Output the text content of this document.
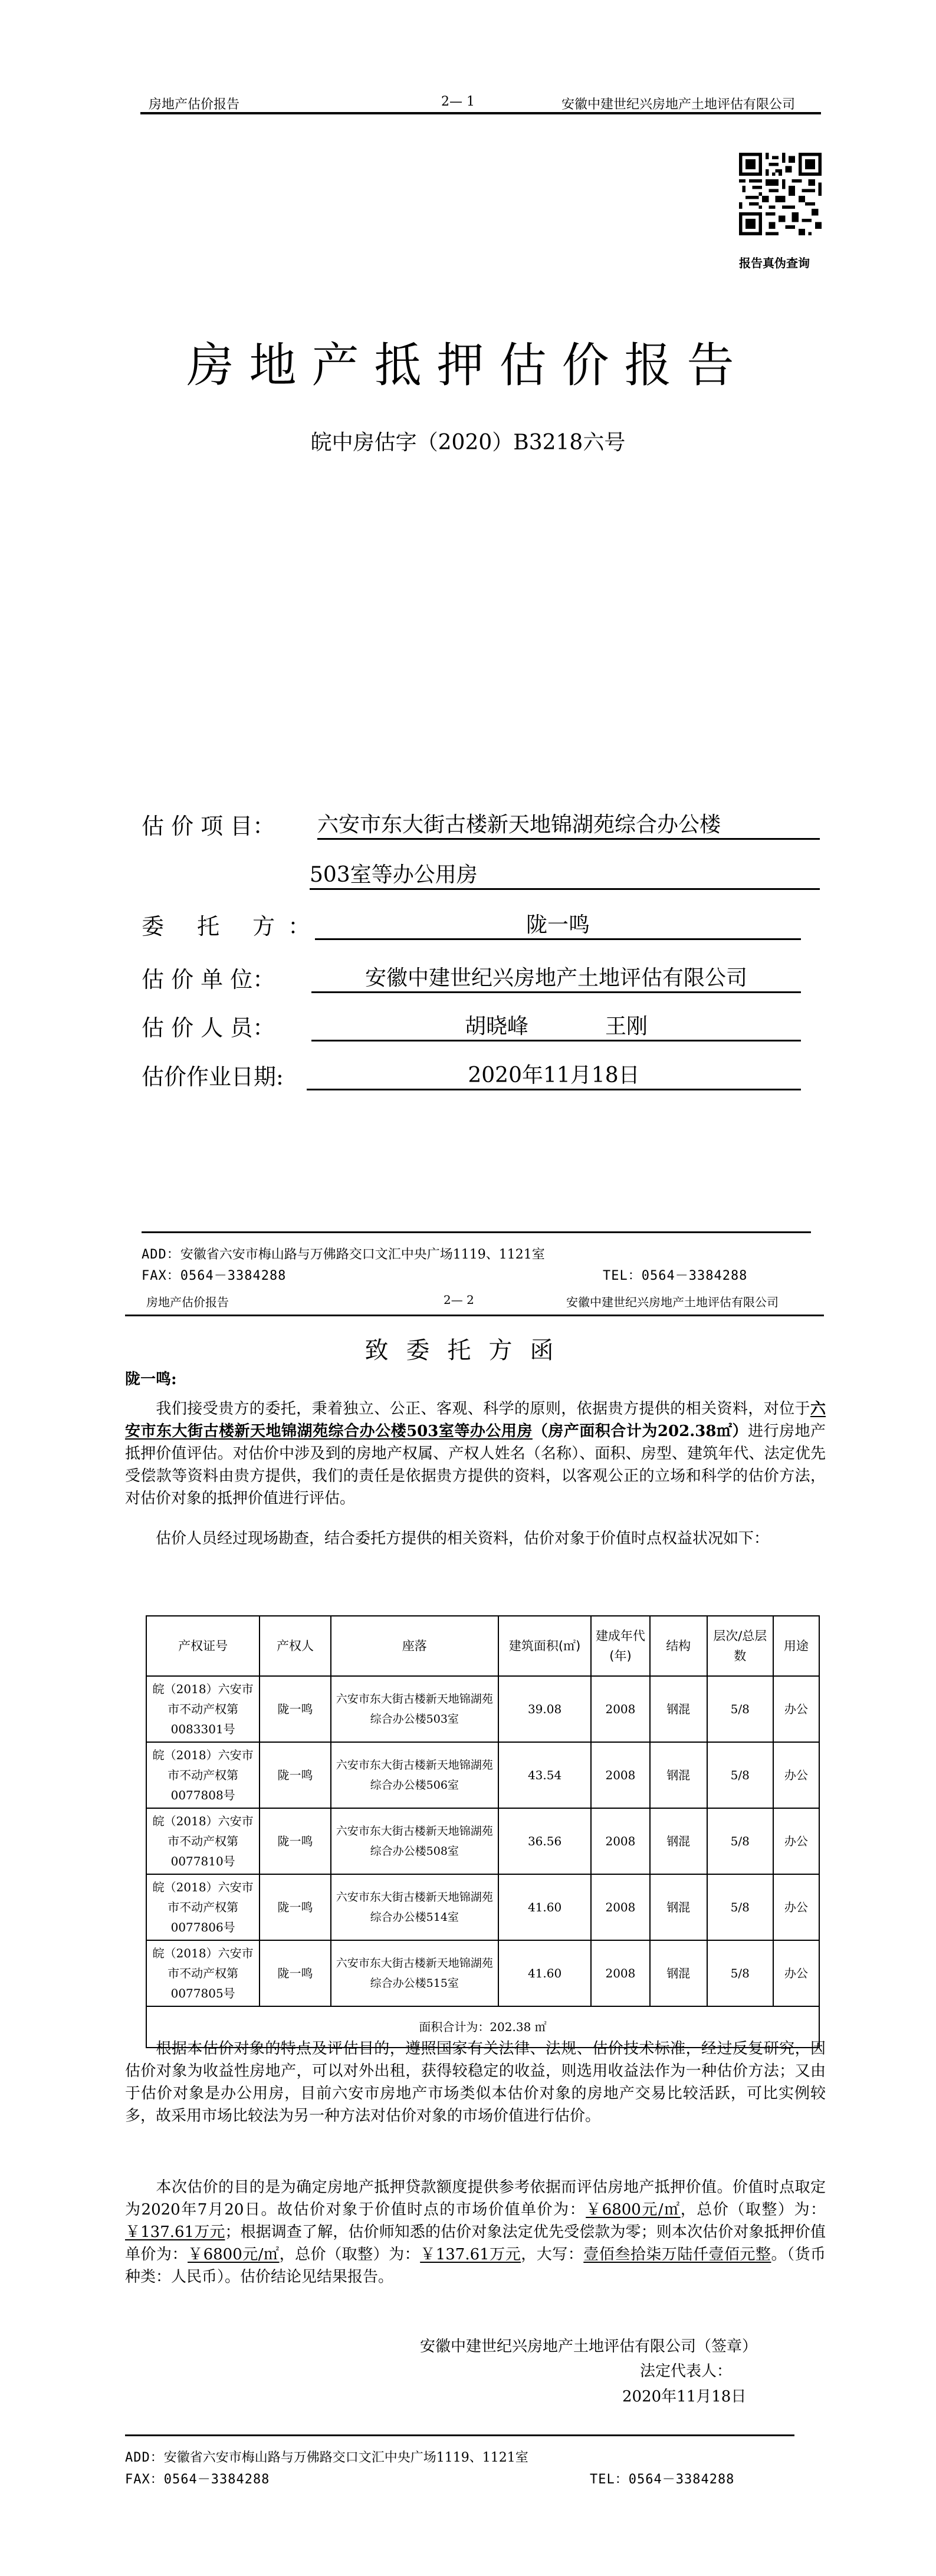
房地产估价报告	2— 1	安徽中建世纪兴房地产土地评估有限公司
报告真伪查询
房地产抵押估价报告
皖中房估字（2020）B3218六号
估 价 项 目： 六安市东大街古楼新天地锦湖苑综合办公楼
503室等办公用房
委 托 方：	陇一鸣
估 价 单 位：	安徽中建世纪兴房地产土地评估有限公司
估 价 人 员：	胡晓峰	王刚
估价作业日期:	2020年11月18日
ADD：安徽省六安市梅山路与万佛路交口文汇中央广场1119、1121室
FAX：0564－3384288	TEL：0564－3384288
房地产估价报告	2— 2	安徽中建世纪兴房地产土地评估有限公司
致委托方函
陇一鸣:
我们接受贵方的委托，秉着独立、公正、客观、科学的原则，依据贵方提供的相关资料，对位于六安市东大街古楼新天地锦湖苑综合办公楼503室等办公用房（房产面积合计为202.38㎡）进行房地产抵押价值评估。对估价中涉及到的房地产权属、产权人姓名（名称）、面积、房型、建筑年代、法定优先受偿款等资料由贵方提供，我们的责任是依据贵方提供的资料，以客观公正的立场和科学的估价方法，对估价对象的抵押价值进行评估。
估价人员经过现场勘查，结合委托方提供的相关资料，估价对象于价值时点权益状况如下：
产权证号	产权人	座落	建筑面积(㎡)	建成年代(年)	结构	层次/总层数	用途
皖（2018）六安市市不动产权第0083301号	陇一鸣	六安市东大街古楼新天地锦湖苑综合办公楼503室	39.08	2008	钢混	5/8	办公
皖（2018）六安市市不动产权第0077808号	陇一鸣	六安市东大街古楼新天地锦湖苑综合办公楼506室	43.54	2008	钢混	5/8	办公
皖（2018）六安市市不动产权第0077810号	陇一鸣	六安市东大街古楼新天地锦湖苑综合办公楼508室	36.56	2008	钢混	5/8	办公
皖（2018）六安市市不动产权第0077806号	陇一鸣	六安市东大街古楼新天地锦湖苑综合办公楼514室	41.60	2008	钢混	5/8	办公
皖（2018）六安市市不动产权第0077805号	陇一鸣	六安市东大街古楼新天地锦湖苑综合办公楼515室	41.60	2008	钢混	5/8	办公
面积合计为：202.38 ㎡							
根据本估价对象的特点及评估目的，遵照国家有关法律、法规、估价技术标准，经过反复研究，因估价对象为收益性房地产，可以对外出租，获得较稳定的收益，则选用收益法作为一种估价方法；又由于估价对象是办公用房，目前六安市房地产市场类似本估价对象的房地产交易比较活跃，可比实例较多，故采用市场比较法为另一种方法对估价对象的市场价值进行估价。
本次估价的目的是为确定房地产抵押贷款额度提供参考依据而评估房地产抵押价值。价值时点取定为2020年7月20日。故估价对象于价值时点的市场价值单价为：￥6800元/㎡，总价（取整）为：￥137.61万元；根据调查了解，估价师知悉的估价对象法定优先受偿款为零；则本次估价对象抵押价值单价为：￥6800元/㎡，总价（取整）为：￥137.61万元，大写：壹佰叁拾柒万陆仟壹佰元整。（货币种类：人民币）。估价结论见结果报告。
安徽中建世纪兴房地产土地评估有限公司（签章）
法定代表人：
2020年11月18日
ADD：安徽省六安市梅山路与万佛路交口文汇中央广场1119、1121室
FAX：0564－3384288	TEL：0564－3384288
